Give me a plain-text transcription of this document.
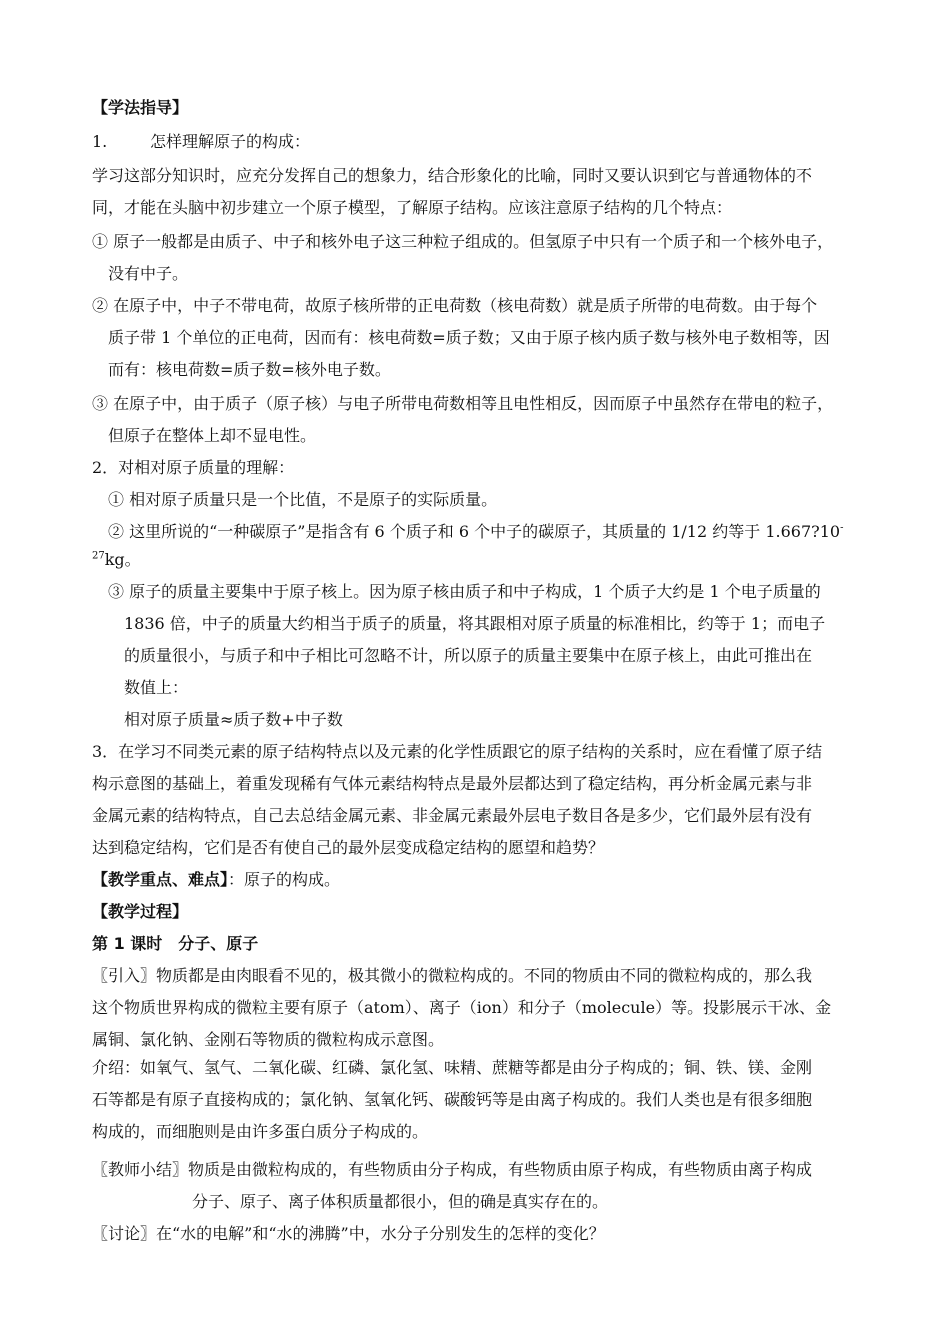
【学法指导】
1.	怎样理解原子的构成：
学习这部分知识时，应充分发挥自己的想象力，结合形象化的比喻，同时又要认识到它与普通物体的不
同，才能在头脑中初步建立一个原子模型，了解原子结构。应该注意原子结构的几个特点：
① 原子一般都是由质子、中子和核外电子这三种粒子组成的。但氢原子中只有一个质子和一个核外电子，
没有中子。
② 在原子中，中子不带电荷，故原子核所带的正电荷数（核电荷数）就是质子所带的电荷数。由于每个
质子带 1 个单位的正电荷，因而有：核电荷数=质子数；又由于原子核内质子数与核外电子数相等，因
而有：核电荷数=质子数=核外电子数。
③ 在原子中，由于质子（原子核）与电子所带电荷数相等且电性相反，因而原子中虽然存在带电的粒子，
但原子在整体上却不显电性。
2．对相对原子质量的理解：
① 相对原子质量只是一个比值，不是原子的实际质量。
② 这里所说的“一种碳原子”是指含有 6 个质子和 6 个中子的碳原子，其质量的 1/12 约等于 1.667?10-
$^{27}$kg。
③ 原子的质量主要集中于原子核上。因为原子核由质子和中子构成，1 个质子大约是 1 个电子质量的
1836 倍，中子的质量大约相当于质子的质量，将其跟相对原子质量的标准相比，约等于 1；而电子
的质量很小，与质子和中子相比可忽略不计，所以原子的质量主要集中在原子核上，由此可推出在
数值上：
相对原子质量≈质子数+中子数
3．在学习不同类元素的原子结构特点以及元素的化学性质跟它的原子结构的关系时，应在看懂了原子结
构示意图的基础上，着重发现稀有气体元素结构特点是最外层都达到了稳定结构，再分析金属元素与非
金属元素的结构特点，自己去总结金属元素、非金属元素最外层电子数目各是多少，它们最外层有没有
达到稳定结构，它们是否有使自己的最外层变成稳定结构的愿望和趋势？
【教学重点、难点】：原子的构成。
【教学过程】
第 1 课时　分子、原子
〖引入〗物质都是由肉眼看不见的，极其微小的微粒构成的。不同的物质由不同的微粒构成的，那么我
这个物质世界构成的微粒主要有原子（atom）、离子（ion）和分子（molecule）等。投影展示干冰、金
属铜、氯化钠、金刚石等物质的微粒构成示意图。
介绍：如氧气、氢气、二氧化碳、红磷、氯化氢、味精、蔗糖等都是由分子构成的；铜、铁、镁、金刚
石等都是有原子直接构成的；氯化钠、氢氧化钙、碳酸钙等是由离子构成的。我们人类也是有很多细胞
构成的，而细胞则是由许多蛋白质分子构成的。
〖教师小结〗物质是由微粒构成的，有些物质由分子构成，有些物质由原子构成，有些物质由离子构成
分子、原子、离子体积质量都很小，但的确是真实存在的。
〖讨论〗在“水的电解”和“水的沸腾”中，水分子分别发生的怎样的变化？
